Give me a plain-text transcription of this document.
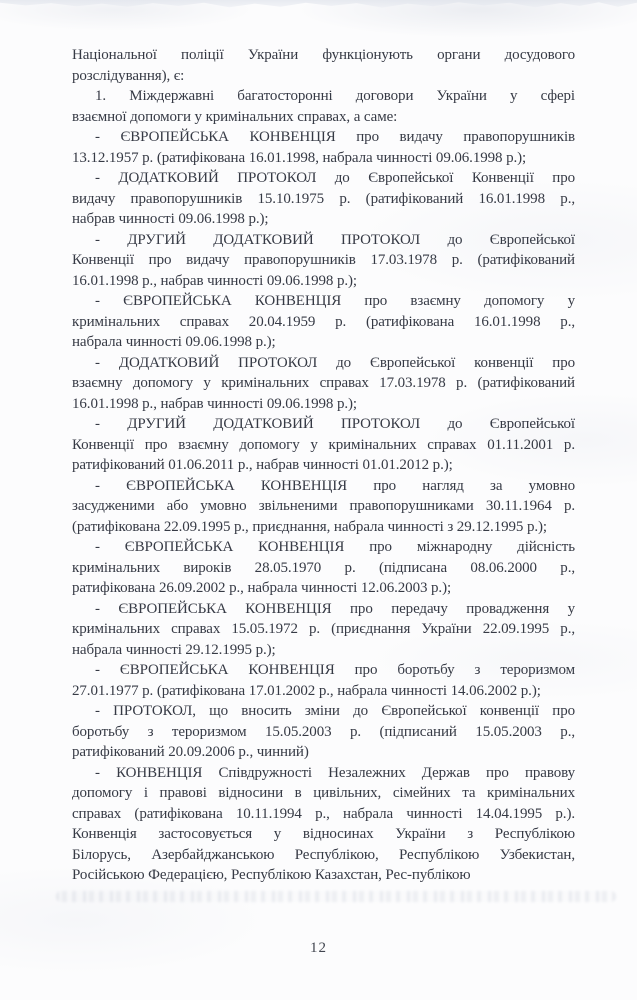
Національної поліції України функціонують органи досудового
розслідування), є:
1. Міждержавні багатосторонні договори України у сфері
взаємної допомоги у кримінальних справах, а саме:
- ЄВРОПЕЙСЬКА КОНВЕНЦІЯ про видачу правопорушників
13.12.1957 р. (ратифікована 16.01.1998, набрала чинності 09.06.1998 р.);
- ДОДАТКОВИЙ ПРОТОКОЛ до Європейської Конвенції про
видачу правопорушників 15.10.1975 р. (ратифікований 16.01.1998 р.,
набрав чинності 09.06.1998 р.);
- ДРУГИЙ ДОДАТКОВИЙ ПРОТОКОЛ до Європейської
Конвенції про видачу правопорушників 17.03.1978 р. (ратифікований
16.01.1998 р., набрав чинності 09.06.1998 р.);
- ЄВРОПЕЙСЬКА КОНВЕНЦІЯ про взаємну допомогу у
кримінальних справах 20.04.1959 р. (ратифікована 16.01.1998 р.,
набрала чинності 09.06.1998 р.);
- ДОДАТКОВИЙ ПРОТОКОЛ до Європейської конвенції про
взаємну допомогу у кримінальних справах 17.03.1978 р. (ратифікований
16.01.1998 р., набрав чинності 09.06.1998 р.);
- ДРУГИЙ ДОДАТКОВИЙ ПРОТОКОЛ до Європейської
Конвенції про взаємну допомогу у кримінальних справах 01.11.2001 р.
ратифікований 01.06.2011 р., набрав чинності 01.01.2012 р.);
- ЄВРОПЕЙСЬКА КОНВЕНЦІЯ про нагляд за умовно
засудженими або умовно звільненими правопорушниками 30.11.1964 р.
(ратифікована 22.09.1995 р., приєднання, набрала чинності з 29.12.1995 р.);
- ЄВРОПЕЙСЬКА КОНВЕНЦІЯ про міжнародну дійсність
кримінальних вироків 28.05.1970 р. (підписана 08.06.2000 р.,
ратифікована 26.09.2002 р., набрала чинності 12.06.2003 р.);
- ЄВРОПЕЙСЬКА КОНВЕНЦІЯ про передачу провадження у
кримінальних справах 15.05.1972 р. (приєднання України 22.09.1995 р.,
набрала чинності 29.12.1995 р.);
- ЄВРОПЕЙСЬКА КОНВЕНЦІЯ про боротьбу з тероризмом
27.01.1977 р. (ратифікована 17.01.2002 р., набрала чинності 14.06.2002 р.);
- ПРОТОКОЛ, що вносить зміни до Європейської конвенції про
боротьбу з тероризмом 15.05.2003 р. (підписаний 15.05.2003 р.,
ратифікований 20.09.2006 р., чинний)
- КОНВЕНЦІЯ Співдружності Незалежних Держав про правову
допомогу і правові відносини в цивільних, сімейних та кримінальних
справах (ратифікована 10.11.1994 р., набрала чинності 14.04.1995 р.).
Конвенція застосовується у відносинах України з Республікою
Білорусь, Азербайджанською Республікою, Республікою Узбекистан,
Російською Федерацією, Республікою Казахстан, Рес-публікою
12
